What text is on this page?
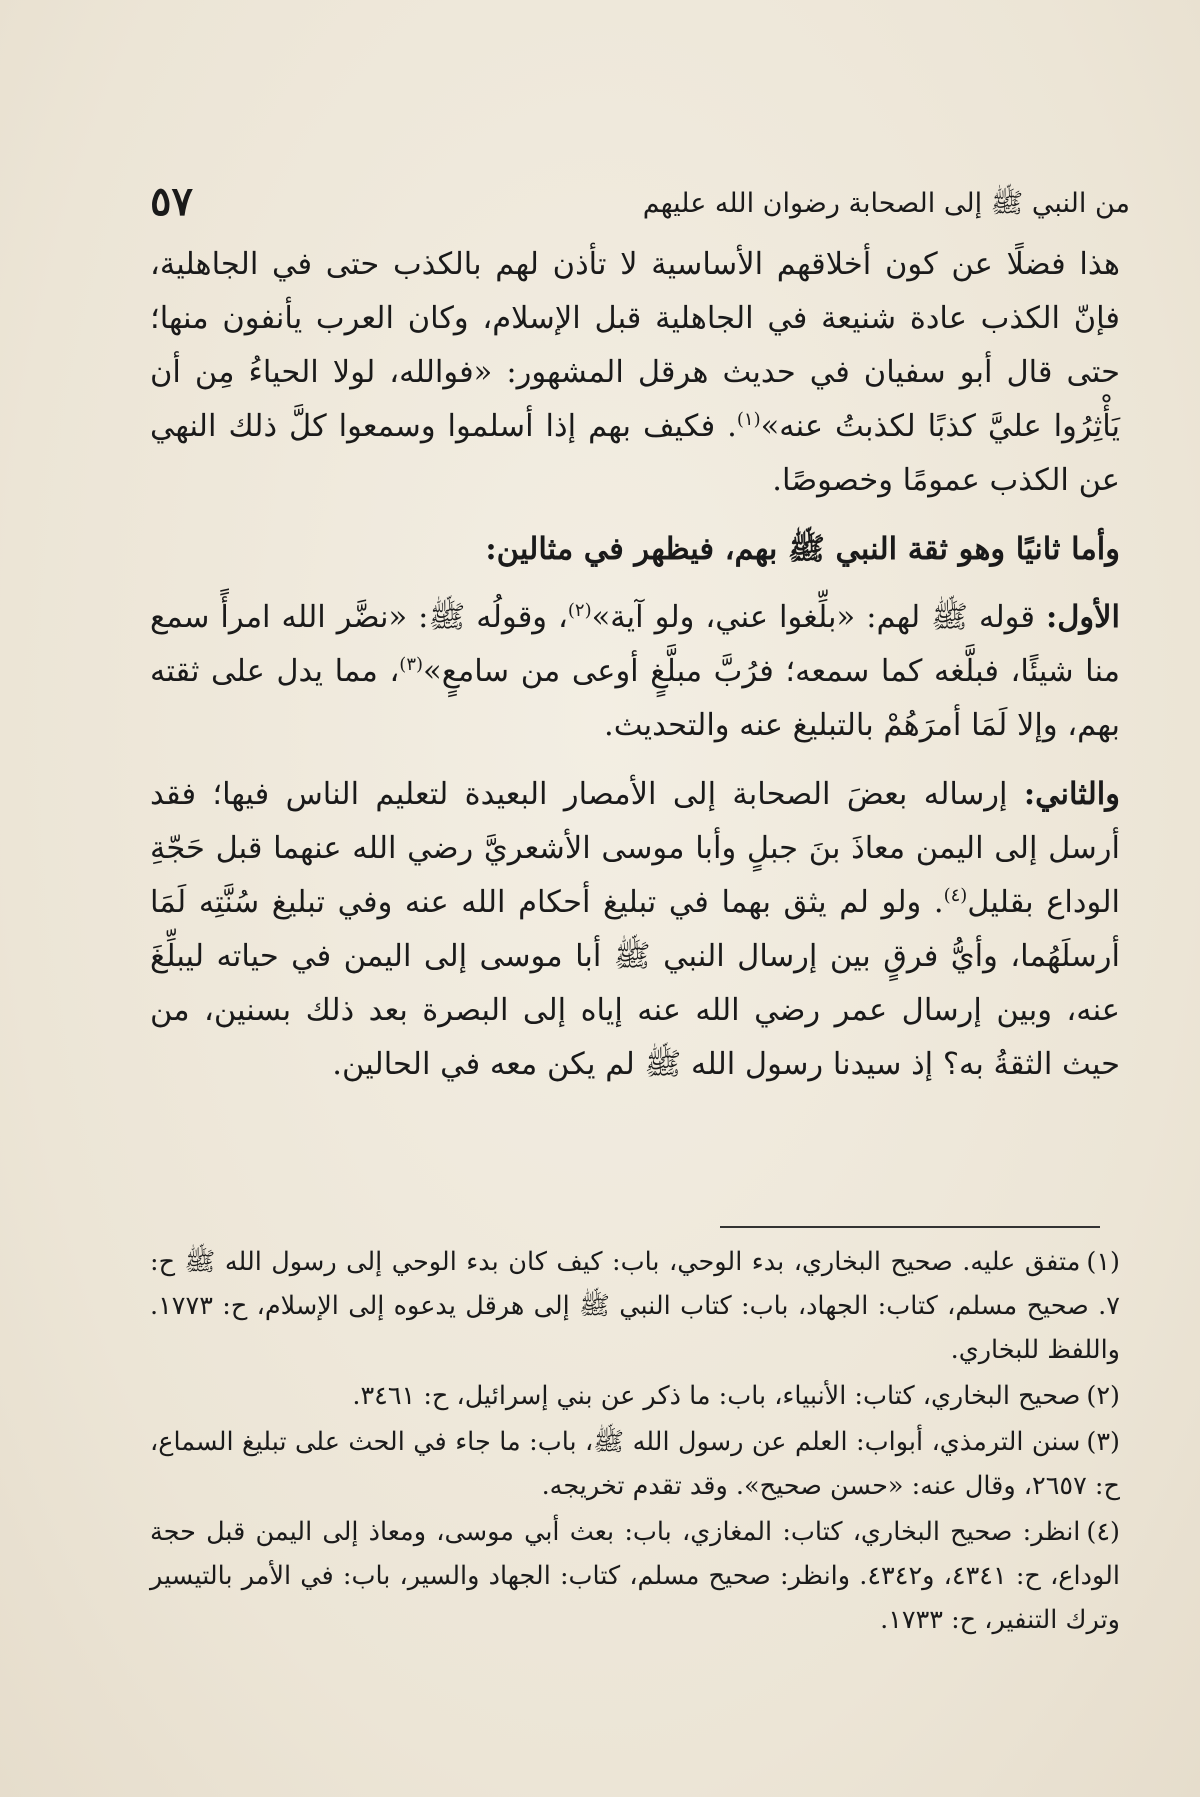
من النبي ﷺ إلى الصحابة رضوان الله عليهم
٥٧

هذا فضلًا عن كون أخلاقهم الأساسية لا تأذن لهم بالكذب حتى في الجاهلية، فإنّ الكذب عادة شنيعة في الجاهلية قبل الإسلام، وكان العرب يأنفون منها؛ حتى قال أبو سفيان في حديث هرقل المشهور: «فوالله، لولا الحياءُ مِن أن يَأْثِرُوا عليَّ كذبًا لكذبتُ عنه»$^{(١)}$. فكيف بهم إذا أسلموا وسمعوا كلَّ ذلك النهي عن الكذب عمومًا وخصوصًا.

وأما ثانيًا وهو ثقة النبي ﷺ بهم، فيظهر في مثالين:

الأول: قوله ﷺ لهم: «بلِّغوا عني، ولو آية»$^{(٢)}$، وقولُه ﷺ: «نضَّر الله امرأً سمع منا شيئًا، فبلَّغه كما سمعه؛ فرُبَّ مبلَّغٍ أوعى من سامعٍ»$^{(٣)}$، مما يدل على ثقته بهم، وإلا لَمَا أمرَهُمْ بالتبليغ عنه والتحديث.

والثاني: إرساله بعضَ الصحابة إلى الأمصار البعيدة لتعليم الناس فيها؛ فقد أرسل إلى اليمن معاذَ بنَ جبلٍ وأبا موسى الأشعريَّ رضي الله عنهما قبل حَجّةِ الوداع بقليل$^{(٤)}$. ولو لم يثق بهما في تبليغ أحكام الله عنه وفي تبليغ سُنَّتِه لَمَا أرسلَهُما، وأيُّ فرقٍ بين إرسال النبي ﷺ أبا موسى إلى اليمن في حياته ليبلِّغَ عنه، وبين إرسال عمر رضي الله عنه إياه إلى البصرة بعد ذلك بسنين، من حيث الثقةُ به؟ إذ سيدنا رسول الله ﷺ لم يكن معه في الحالين.

(١)متفق عليه. صحيح البخاري، بدء الوحي، باب: كيف كان بدء الوحي إلى رسول الله ﷺ ح: ٧. صحيح مسلم، كتاب: الجهاد، باب: كتاب النبي ﷺ إلى هرقل يدعوه إلى الإسلام، ح: ١٧٧٣. واللفظ للبخاري.

(٢)صحيح البخاري، كتاب: الأنبياء، باب: ما ذكر عن بني إسرائيل، ح: ٣٤٦١.

(٣)سنن الترمذي، أبواب: العلم عن رسول الله ﷺ، باب: ما جاء في الحث على تبليغ السماع، ح: ٢٦٥٧، وقال عنه: «حسن صحيح». وقد تقدم تخريجه.

(٤)انظر: صحيح البخاري، كتاب: المغازي، باب: بعث أبي موسى، ومعاذ إلى اليمن قبل حجة الوداع، ح: ٤٣٤١، و٤٣٤٢. وانظر: صحيح مسلم، كتاب: الجهاد والسير، باب: في الأمر بالتيسير وترك التنفير، ح: ١٧٣٣.
